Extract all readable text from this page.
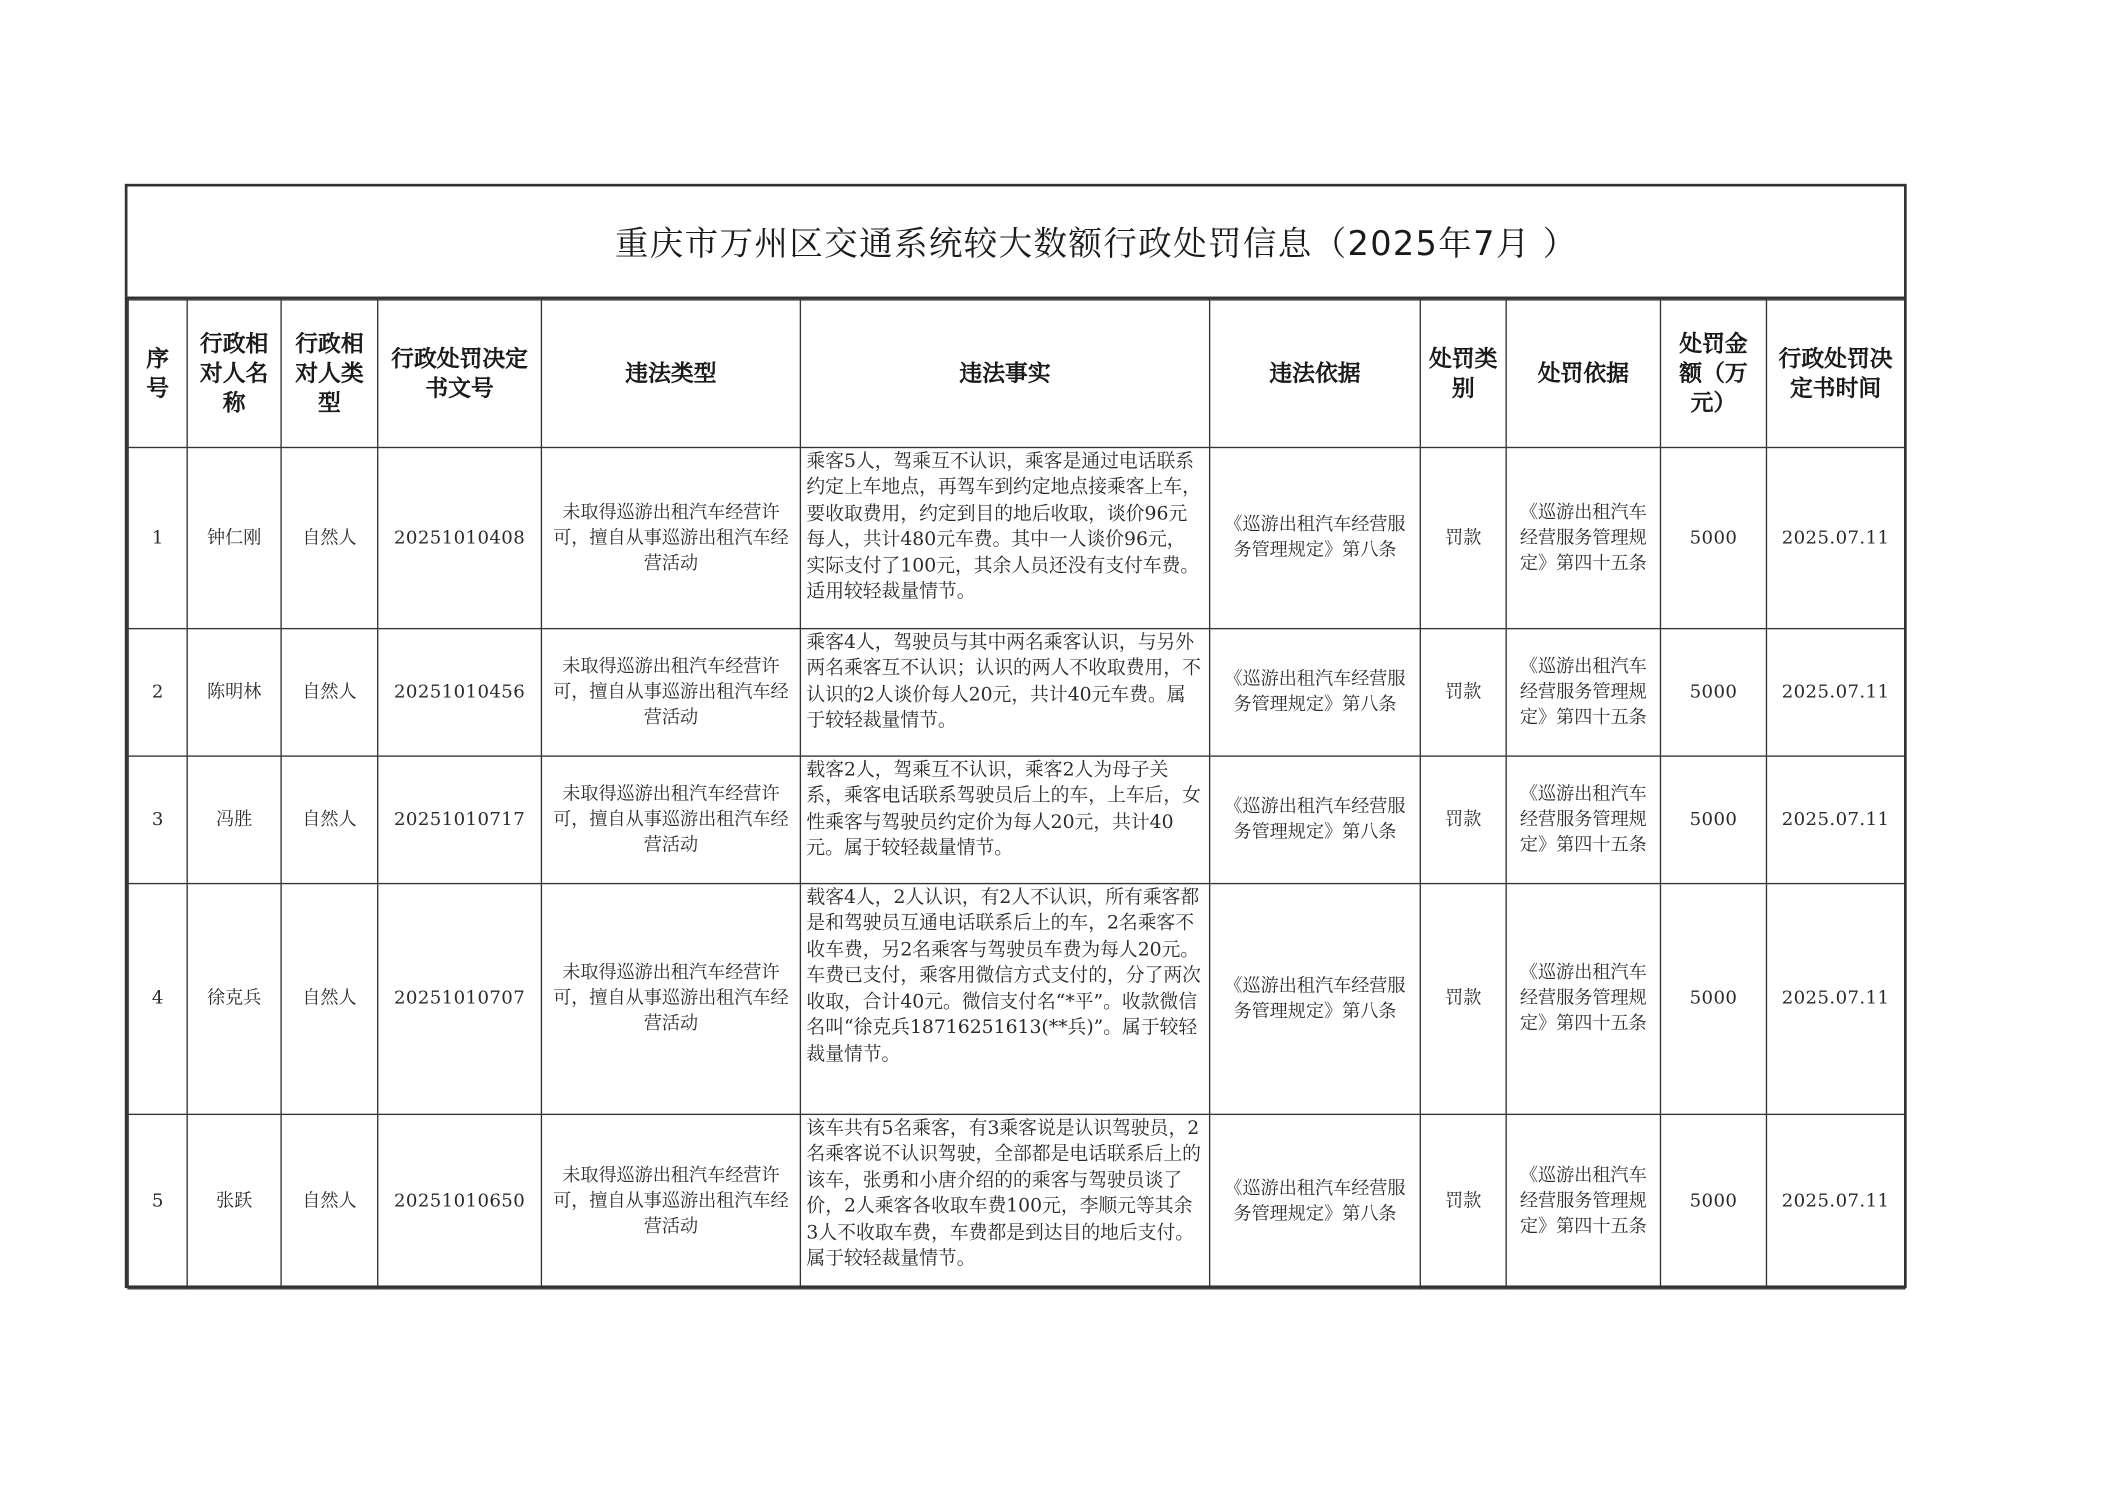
重庆市万州区交通系统较大数额行政处罚信息（2025年7月 ）
序号	行政相对人名称	行政相对人类型	行政处罚决定书文号	违法类型	违法事实	违法依据	处罚类别	处罚依据	处罚金额（万元）	行政处罚决定书时间
1	钟仁刚	自然人	20251010408	未取得巡游出租汽车经营许可，擅自从事巡游出租汽车经营活动	乘客5人，驾乘互不认识，乘客是通过电话联系约定上车地点，再驾车到约定地点接乘客上车，要收取费用，约定到目的地后收取，谈价96元每人，共计480元车费。其中一人谈价96元，实际支付了100元，其余人员还没有支付车费。适用较轻裁量情节。	《巡游出租汽车经营服务管理规定》第八条	罚款	《巡游出租汽车经营服务管理规定》第四十五条	5000	2025.07.11
2	陈明林	自然人	20251010456	未取得巡游出租汽车经营许可，擅自从事巡游出租汽车经营活动	乘客4人，驾驶员与其中两名乘客认识，与另外两名乘客互不认识；认识的两人不收取费用，不认识的2人谈价每人20元，共计40元车费。属于较轻裁量情节。	《巡游出租汽车经营服务管理规定》第八条	罚款	《巡游出租汽车经营服务管理规定》第四十五条	5000	2025.07.11
3	冯胜	自然人	20251010717	未取得巡游出租汽车经营许可，擅自从事巡游出租汽车经营活动	载客2人，驾乘互不认识，乘客2人为母子关系，乘客电话联系驾驶员后上的车，上车后，女性乘客与驾驶员约定价为每人20元，共计40元。属于较轻裁量情节。	《巡游出租汽车经营服务管理规定》第八条	罚款	《巡游出租汽车经营服务管理规定》第四十五条	5000	2025.07.11
4	徐克兵	自然人	20251010707	未取得巡游出租汽车经营许可，擅自从事巡游出租汽车经营活动	载客4人，2人认识，有2人不认识，所有乘客都是和驾驶员互通电话联系后上的车，2名乘客不收车费，另2名乘客与驾驶员车费为每人20元。车费已支付，乘客用微信方式支付的，分了两次收取，合计40元。微信支付名“*平”。收款微信名叫“徐克兵18716251613(**兵)”。属于较轻裁量情节。	《巡游出租汽车经营服务管理规定》第八条	罚款	《巡游出租汽车经营服务管理规定》第四十五条	5000	2025.07.11
5	张跃	自然人	20251010650	未取得巡游出租汽车经营许可，擅自从事巡游出租汽车经营活动	该车共有5名乘客，有3乘客说是认识驾驶员，2名乘客说不认识驾驶，全部都是电话联系后上的该车，张勇和小唐介绍的的乘客与驾驶员谈了价，2人乘客各收取车费100元，李顺元等其余3人不收取车费，车费都是到达目的地后支付。属于较轻裁量情节。	《巡游出租汽车经营服务管理规定》第八条	罚款	《巡游出租汽车经营服务管理规定》第四十五条	5000	2025.07.11
